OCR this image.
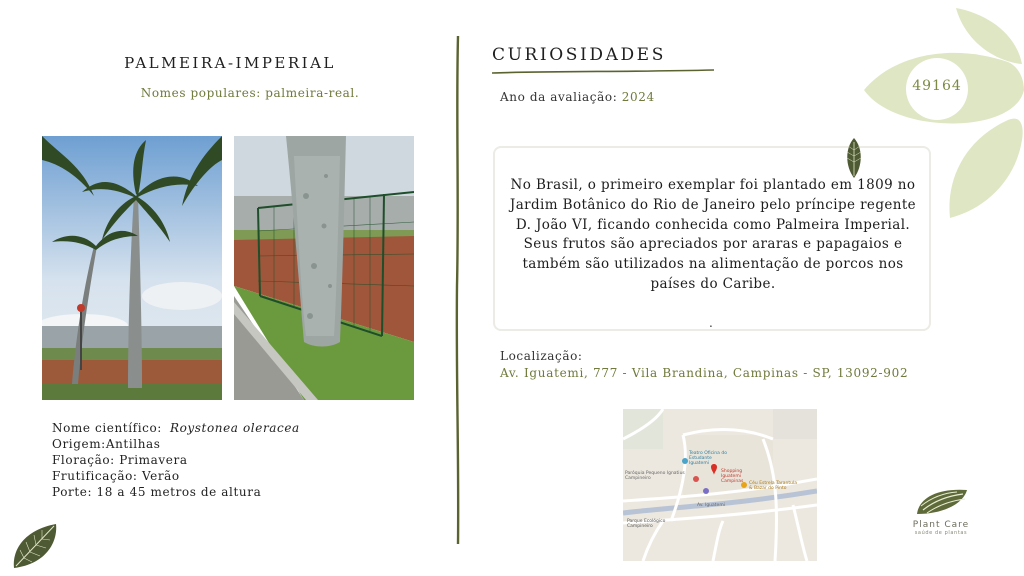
49164
PALMEIRA-IMPERIAL
Nomes populares: palmeira-real.
Nome científico: Roystonea oleracea
Origem:Antilhas
Floração: Primavera
Frutificação: Verão
Porte: 18 a 45 metros de altura
CURIOSIDADES
Ano da avaliação: 2024
No Brasil, o primeiro exemplar foi plantado em 1809 no Jardim Botânico do Rio de Janeiro pelo príncipe regente D. João VI, ficando conhecida como Palmeira Imperial. Seus frutos são apreciados por araras e papagaios e também são utilizados na alimentação de porcos nos países do Caribe.
.
Localização:
Av. Iguatemi, 777 - Vila Brandina, Campinas - SP, 13092-902
Teatro Oficina do Estudante Iguatemi
Shopping Iguatemi Campinas
Paróquia Pequeno Ignatius Campineiro
Céu Estrela Tarantula & Bazar do Pinto
Parque Ecológico Campineiro
Av. Iguatemi
Plant Care
saúde de plantas
